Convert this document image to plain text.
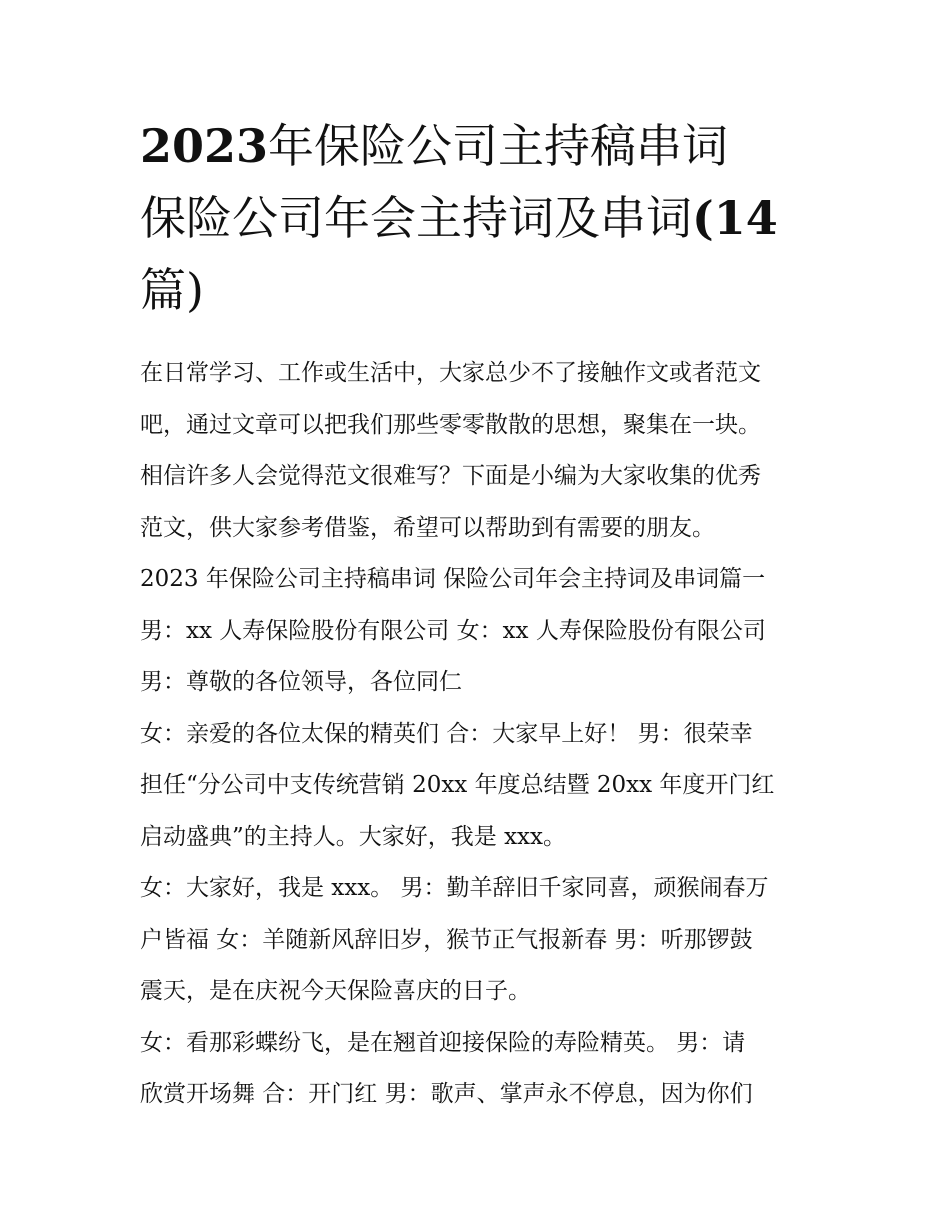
2023年保险公司主持稿串词
保险公司年会主持词及串词(14
篇)

在日常学习、工作或生活中，大家总少不了接触作文或者范文
吧，通过文章可以把我们那些零零散散的思想，聚集在一块。
相信许多人会觉得范文很难写？下面是小编为大家收集的优秀
范文，供大家参考借鉴，希望可以帮助到有需要的朋友。

2023 年保险公司主持稿串词 保险公司年会主持词及串词篇一
男：xx 人寿保险股份有限公司 女：xx 人寿保险股份有限公司
男：尊敬的各位领导，各位同仁

女：亲爱的各位太保的精英们 合：大家早上好！ 男：很荣幸
担任“分公司中支传统营销 20xx 年度总结暨 20xx 年度开门红
启动盛典”的主持人。大家好，我是 xxx。

女：大家好，我是 xxx。 男：勤羊辞旧千家同喜，顽猴闹春万
户皆福 女：羊随新风辞旧岁，猴节正气报新春 男：听那锣鼓
震天，是在庆祝今天保险喜庆的日子。

女：看那彩蝶纷飞，是在翘首迎接保险的寿险精英。 男：请
欣赏开场舞 合：开门红 男：歌声、掌声永不停息，因为你们
